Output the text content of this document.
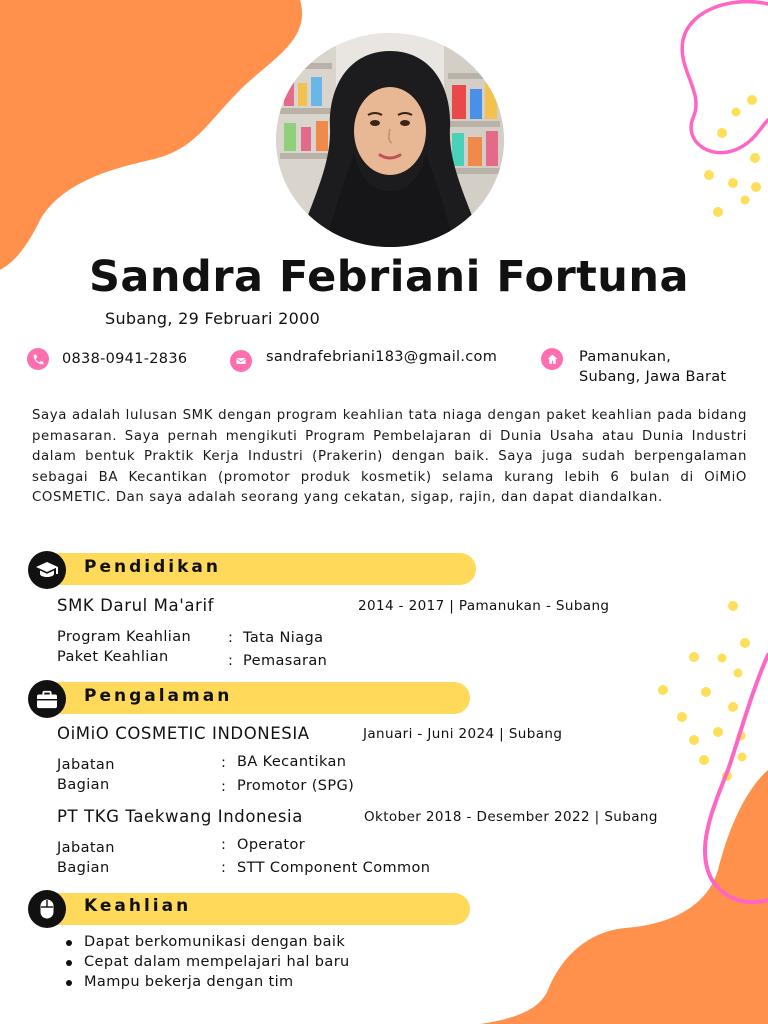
Sandra Febriani Fortuna
Subang, 29 Februari 2000
0838-0941-2836	sandrafebriani183@gmail.com	Pamanukan,
Subang, Jawa Barat
Saya adalah lulusan SMK dengan program keahlian tata niaga dengan paket keahlian pada bidang pemasaran. Saya pernah mengikuti Program Pembelajaran di Dunia Usaha atau Dunia Industri dalam bentuk Praktik Kerja Industri (Prakerin) dengan baik. Saya juga sudah berpengalaman sebagai BA Kecantikan (promotor produk kosmetik) selama kurang lebih 6 bulan di OiMiO COSMETIC. Dan saya adalah seorang yang cekatan, sigap, rajin, dan dapat diandalkan.
Pendidikan
SMK Darul Ma'arif	2014 - 2017 | Pamanukan - Subang
Program Keahlian	: Tata Niaga
Paket Keahlian	: Pemasaran
Pengalaman
OiMiO COSMETIC INDONESIA	Januari - Juni 2024 | Subang
Jabatan	: BA Kecantikan
Bagian	: Promotor (SPG)
PT TKG Taekwang Indonesia	Oktober 2018 - Desember 2022 | Subang
Jabatan	: Operator
Bagian	: STT Component Common
Keahlian
Dapat berkomunikasi dengan baik
Cepat dalam mempelajari hal baru
Mampu bekerja dengan tim
